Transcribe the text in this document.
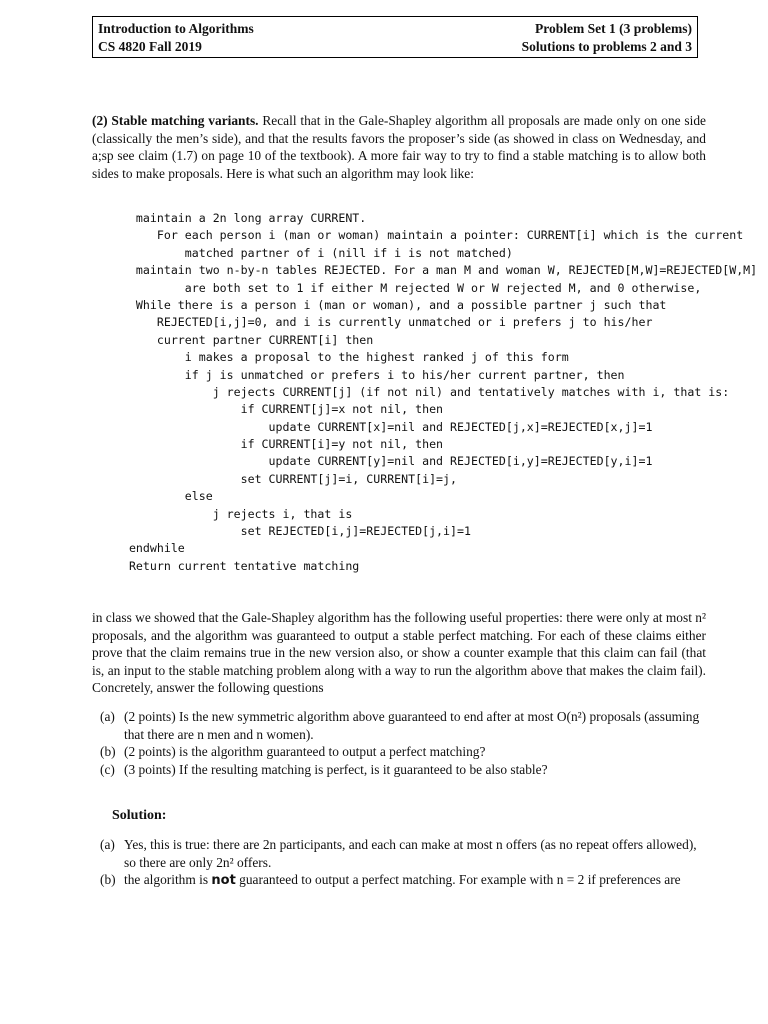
Introduction to Algorithms	Problem Set 1 (3 problems)
CS 4820 Fall 2019	Solutions to problems 2 and 3

(2) Stable matching variants. Recall that in the Gale-Shapley algorithm all proposals are made only on one side (classically the men’s side), and that the results favors the proposer’s side (as showed in class on Wednesday, and a;sp see claim (1.7) on page 10 of the textbook). A more fair way to try to find a stable matching is to allow both sides to make proposals. Here is what such an algorithm may look like:

maintain a 2n long array CURRENT.
For each person i (man or woman) maintain a pointer: CURRENT[i] which is the current
matched partner of i (nill if i is not matched)
maintain two n-by-n tables REJECTED. For a man M and woman W, REJECTED[M,W]=REJECTED[W,M]
are both set to 1 if either M rejected W or W rejected M, and 0 otherwise,
While there is a person i (man or woman), and a possible partner j such that
REJECTED[i,j]=0, and i is currently unmatched or i prefers j to his/her
current partner CURRENT[i] then
i makes a proposal to the highest ranked j of this form
if j is unmatched or prefers i to his/her current partner, then
j rejects CURRENT[j] (if not nil) and tentatively matches with i, that is:
if CURRENT[j]=x not nil, then
update CURRENT[x]=nil and REJECTED[j,x]=REJECTED[x,j]=1
if CURRENT[i]=y not nil, then
update CURRENT[y]=nil and REJECTED[i,y]=REJECTED[y,i]=1
set CURRENT[j]=i, CURRENT[i]=j,
else
j rejects i, that is
set REJECTED[i,j]=REJECTED[j,i]=1
endwhile
Return current tentative matching

in class we showed that the Gale-Shapley algorithm has the following useful properties: there were only at most n² proposals, and the algorithm was guaranteed to output a stable perfect matching. For each of these claims either prove that the claim remains true in the new version also, or show a counter example that this claim can fail (that is, an input to the stable matching problem along with a way to run the algorithm above that makes the claim fail). Concretely, answer the following questions

(a) (2 points) Is the new symmetric algorithm above guaranteed to end after at most O(n²) proposals (assuming that there are n men and n women).
(b) (2 points) is the algorithm guaranteed to output a perfect matching?
(c) (3 points) If the resulting matching is perfect, is it guaranteed to be also stable?
Solution:
(a) Yes, this is true: there are 2n participants, and each can make at most n offers (as no repeat offers allowed), so there are only 2n² offers.
(b) the algorithm is not guaranteed to output a perfect matching. For example with n = 2 if preferences are
